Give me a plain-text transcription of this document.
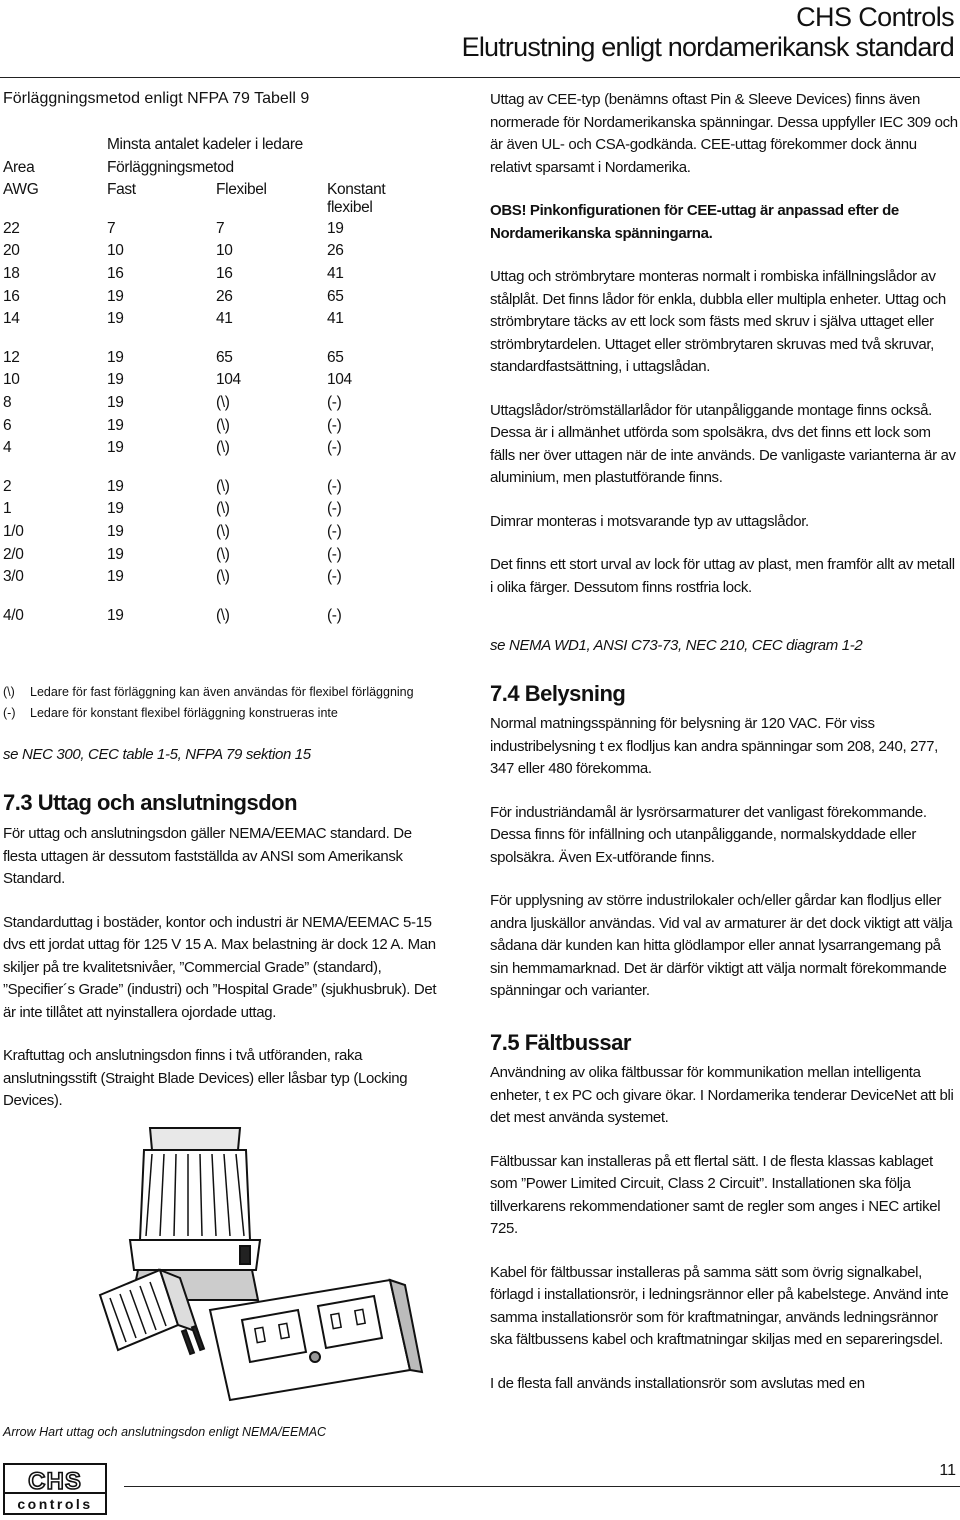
CHS Controls
Elutrustning enligt nordamerikansk standard
Förläggningsmetod enligt NFPA 79 Tabell 9
Minsta antalet kadeler i ledare
Area	Förläggningsmetod
AWG	Fast	Flexibel	Konstant flexibel
22	7	7	19
20	10	10	26
18	16	16	41
16	19	26	65
14	19	41	41
12	19	65	65
10	19	104	104
8	19	(\)	(-)
6	19	(\)	(-)
4	19	(\)	(-)
2	19	(\)	(-)
1	19	(\)	(-)
1/0	19	(\)	(-)
2/0	19	(\)	(-)
3/0	19	(\)	(-)
4/0	19	(\)	(-)
(\) Ledare för fast förläggning kan även användas för flexibel förläggning
(-) Ledare för konstant flexibel förläggning konstrueras inte
se NEC 300, CEC table 1-5, NFPA 79 sektion 15
7.3 Uttag och anslutningsdon

För uttag och anslutningsdon gäller NEMA/EEMAC standard. De flesta uttagen är dessutom fastställda av ANSI som Amerikansk Standard.

Standarduttag i bostäder, kontor och industri är NEMA/EEMAC 5-15 dvs ett jordat uttag för 125 V 15 A. Max belastning är dock 12 A. Man skiljer på tre kvalitetsnivåer, ”Commercial Grade” (standard), ”Specifier´s Grade” (industri) och ”Hospital Grade” (sjukhusbruk). Det är inte tillåtet att nyinstallera ojordade uttag.

Kraftuttag och anslutningsdon finns i två utföranden, raka anslutningsstift (Straight Blade Devices) eller låsbar typ (Locking Devices).

Arrow Hart uttag och anslutningsdon enligt NEMA/EEMAC

Uttag av CEE-typ (benämns oftast Pin & Sleeve Devices) finns även normerade för Nordamerikanska spänningar. Dessa uppfyller IEC 309 och är även UL- och CSA-godkända. CEE-uttag förekommer dock ännu relativt sparsamt i Nordamerika.

OBS! Pinkonfigurationen för CEE-uttag är anpassad efter de Nordamerikanska spänningarna.

Uttag och strömbrytare monteras normalt i rombiska infällningslådor av stålplåt. Det finns lådor för enkla, dubbla eller multipla enheter. Uttag och strömbrytare täcks av ett lock som fästs med skruv i själva uttaget eller strömbrytardelen. Uttaget eller strömbrytaren skruvas med två skruvar, standardfastsättning, i uttagslådan.

Uttagslådor/strömställarlådor för utanpåliggande montage finns också. Dessa är i allmänhet utförda som spolsäkra, dvs det finns ett lock som fälls ner över uttagen när de inte används. De vanligaste varianterna är av aluminium, men plastutförande finns.

Dimrar monteras i motsvarande typ av uttagslådor.

Det finns ett stort urval av lock för uttag av plast, men framför allt av metall i olika färger. Dessutom finns rostfria lock.

se NEMA WD1, ANSI C73-73, NEC 210, CEC diagram 1-2
7.4 Belysning

Normal matningsspänning för belysning är 120 VAC. För viss industribelysning t ex flodljus kan andra spänningar som 208, 240, 277, 347 eller 480 förekomma.

För industriändamål är lysrörsarmaturer det vanligast förekommande. Dessa finns för infällning och utanpåliggande, normalskyddade eller spolsäkra. Även Ex-utförande finns.

För upplysning av större industrilokaler och/eller gårdar kan flodljus eller andra ljuskällor användas. Vid val av armaturer är det dock viktigt att välja sådana där kunden kan hitta glödlampor eller annat lysarrangemang på sin hemmamarknad. Det är därför viktigt att välja normalt förekommande spänningar och varianter.

7.5 Fältbussar

Användning av olika fältbussar för kommunikation mellan intelligenta enheter, t ex PC och givare ökar. I Nordamerika tenderar DeviceNet att bli det mest använda systemet.

Fältbussar kan installeras på ett flertal sätt. I de flesta klassas kablaget som ”Power Limited Circuit, Class 2 Circuit”. Installationen ska följa tillverkarens rekommendationer samt de regler som anges i NEC artikel 725.

Kabel för fältbussar installeras på samma sätt som övrig signalkabel, förlagd i installationsrör, i ledningsrännor eller på kabelstege. Använd inte samma installationsrör som för kraftmatningar, används ledningsrännor ska fältbussens kabel och kraftmatningar skiljas med en separeringsdel.

I de flesta fall används installationsrör som avslutas med en

CHS
controls
11
